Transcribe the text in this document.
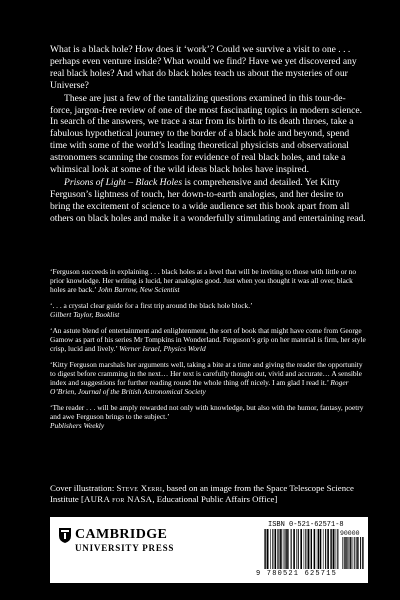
What is a black hole? How does it ‘work’? Could we survive a visit to one . . . perhaps even venture inside? What would we find? Have we yet discovered any real black holes? And what do black holes teach us about the mysteries of our Universe?

These are just a few of the tantalizing questions examined in this tour-de-force, jargon-free review of one of the most fascinating topics in modern science. In search of the answers, we trace a star from its birth to its death throes, take a fabulous hypothetical journey to the border of a black hole and beyond, spend time with some of the world’s leading theoretical physicists and observational astronomers scanning the cosmos for evidence of real black holes, and take a whimsical look at some of the wild ideas black holes have inspired.

Prisons of Light – Black Holes is comprehensive and detailed. Yet Kitty Ferguson’s lightness of touch, her down-to-earth analogies, and her desire to bring the excitement of science to a wide audience set this book apart from all others on black holes and make it a wonderfully stimulating and entertaining read.

‘Ferguson succeeds in explaining . . . black holes at a level that will be inviting to those with little or no prior knowledge. Her writing is lucid, her analogies good. Just when you thought it was all over, black holes are back.’ John Barrow, New Scientist
‘. . . a crystal clear guide for a first trip around the black hole block.’
Gilbert Taylor, Booklist
‘An astute blend of entertainment and enlightenment, the sort of book that might have come from George Gamow as part of his series Mr Tompkins in Wonderland. Ferguson’s grip on her material is firm, her style crisp, lucid and lively.’ Werner Israel, Physics World
‘Kitty Ferguson marshals her arguments well, taking a bite at a time and giving the reader the opportunity to digest before cramming in the next… Her text is carefully thought out, vivid and accurate… A sensible index and suggestions for further reading round the whole thing off nicely. I am glad I read it.’ Roger O’Brien, Journal of the British Astronomical Society
‘The reader . . . will be amply rewarded not only with knowledge, but also with the humor, fantasy, poetry and awe Ferguson brings to the subject.’
Publishers Weekly
Cover illustration: Steve Xerri, based on an image from the Space Telescope Science Institute [AURA for NASA, Educational Public Affairs Office]
CAMBRIDGE
UNIVERSITY PRESS
ISBN 0-521-62571-8
90000
9 780521 625715
